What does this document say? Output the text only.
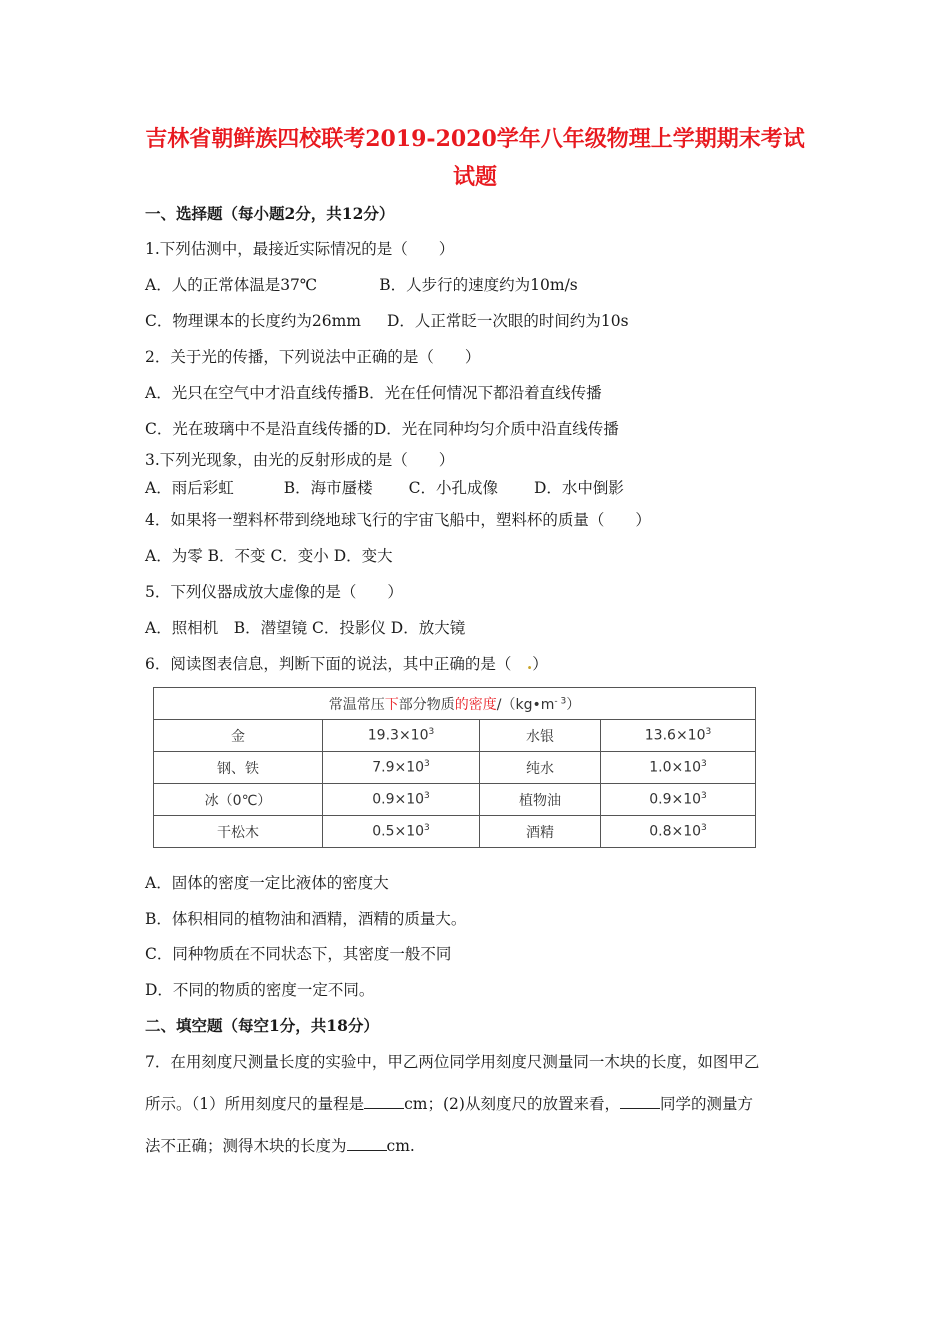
吉林省朝鲜族四校联考2019-2020学年八年级物理上学期期末考试
试题
一、选择题（每小题2分，共12分）
1.下列估测中，最接近实际情况的是（　　）
A．人的正常体温是37℃	B．人步行的速度约为10m/s
C．物理课本的长度约为26mm D．人正常眨一次眼的时间约为10s
2．关于光的传播，下列说法中正确的是（　　）
A．光只在空气中才沿直线传播B．光在任何情况下都沿着直线传播
C．光在玻璃中不是沿直线传播的D．光在同种均匀介质中沿直线传播
3.下列光现象，由光的反射形成的是（　　）
A．雨后彩虹	B．海市蜃楼 C．小孔成像 D．水中倒影
4．如果将一塑料杯带到绕地球飞行的宇宙飞船中，塑料杯的质量（　　）
A．为零 B．不变 C．变小 D．变大
5．下列仪器成放大虚像的是（　　）
A．照相机　B．潜望镜 C．投影仪 D．放大镜
6．阅读图表信息，判断下面的说法，其中正确的是（　.）
常温常压下部分物质的密度$/(kg•m^{- 3})$			
金	$19.3\times 10^3$	水银	$13.6\times 10^3$
钢、铁	$7.9\times 10^3$	纯水	$1.0\times 10^3$
冰（0℃）	$0.9\times 10^3$	植物油	$0.9\times 10^3$
干松木	$0.5\times 10^3$	酒精	$0.8\times 10^3$
A．固体的密度一定比液体的密度大
B．体积相同的植物油和酒精，酒精的质量大。
C．同种物质在不同状态下，其密度一般不同
D．不同的物质的密度一定不同。
二、填空题（每空1分，共18分）
7．在用刻度尺测量长度的实验中，甲乙两位同学用刻度尺测量同一木块的长度，如图甲乙
所示。（1）所用刻度尺的量程是	cm；(2)从刻度尺的放置来看，	同学的测量方
法不正确；测得木块的长度为	cm.
